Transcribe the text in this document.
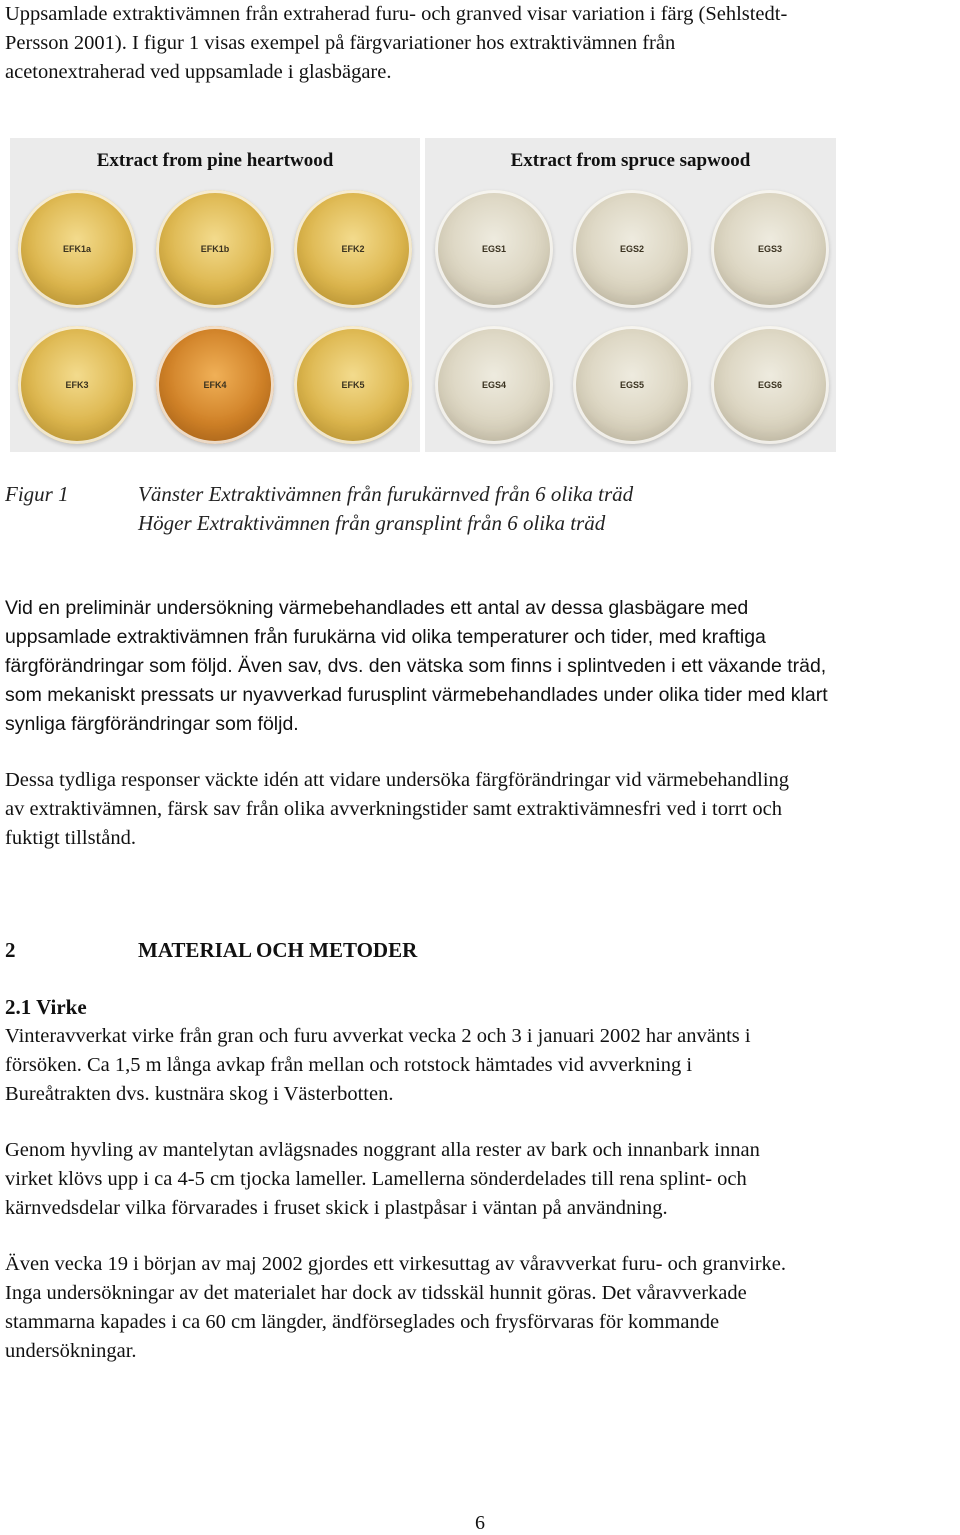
Uppsamlade extraktivämnen från extraherad furu- och granved visar variation i färg (Sehlstedt-
Persson 2001). I figur 1 visas exempel på färgvariationer hos extraktivämnen från
acetonextraherad ved uppsamlade i glasbägare.
Extract from pine heartwood
EFK1a	EFK1b	EFK2
EFK3	EFK4	EFK5
Extract from spruce sapwood
EGS1	EGS2	EGS3
EGS4	EGS5	EGS6
Figur 1	Vänster Extraktivämnen från furukärnved från 6 olika träd
Höger Extraktivämnen från gransplint från 6 olika träd
Vid en preliminär undersökning värmebehandlades ett antal av dessa glasbägare med
uppsamlade extraktivämnen från furukärna vid olika temperaturer och tider, med kraftiga
färgförändringar som följd. Även sav, dvs. den vätska som finns i splintveden i ett växande träd,
som mekaniskt pressats ur nyavverkad furusplint värmebehandlades under olika tider med klart
synliga färgförändringar som följd.
Dessa tydliga responser väckte idén att vidare undersöka färgförändringar vid värmebehandling
av extraktivämnen, färsk sav från olika avverkningstider samt extraktivämnesfri ved i torrt och
fuktigt tillstånd.
2	MATERIAL OCH METODER
2.1 Virke
Vinteravverkat virke från gran och furu avverkat vecka 2 och 3 i januari 2002 har använts i
försöken. Ca 1,5 m långa avkap från mellan och rotstock hämtades vid avverkning i
Bureåtrakten dvs. kustnära skog i Västerbotten.
Genom hyvling av mantelytan avlägsnades noggrant alla rester av bark och innanbark innan
virket klövs upp i ca 4-5 cm tjocka lameller. Lamellerna sönderdelades till rena splint- och
kärnvedsdelar vilka förvarades i fruset skick i plastpåsar i väntan på användning.
Även vecka 19 i början av maj 2002 gjordes ett virkesuttag av våravverkat furu- och granvirke.
Inga undersökningar av det materialet har dock av tidsskäl hunnit göras. Det våravverkade
stammarna kapades i ca 60 cm längder, ändförseglades och frysförvaras för kommande
undersökningar.
6
